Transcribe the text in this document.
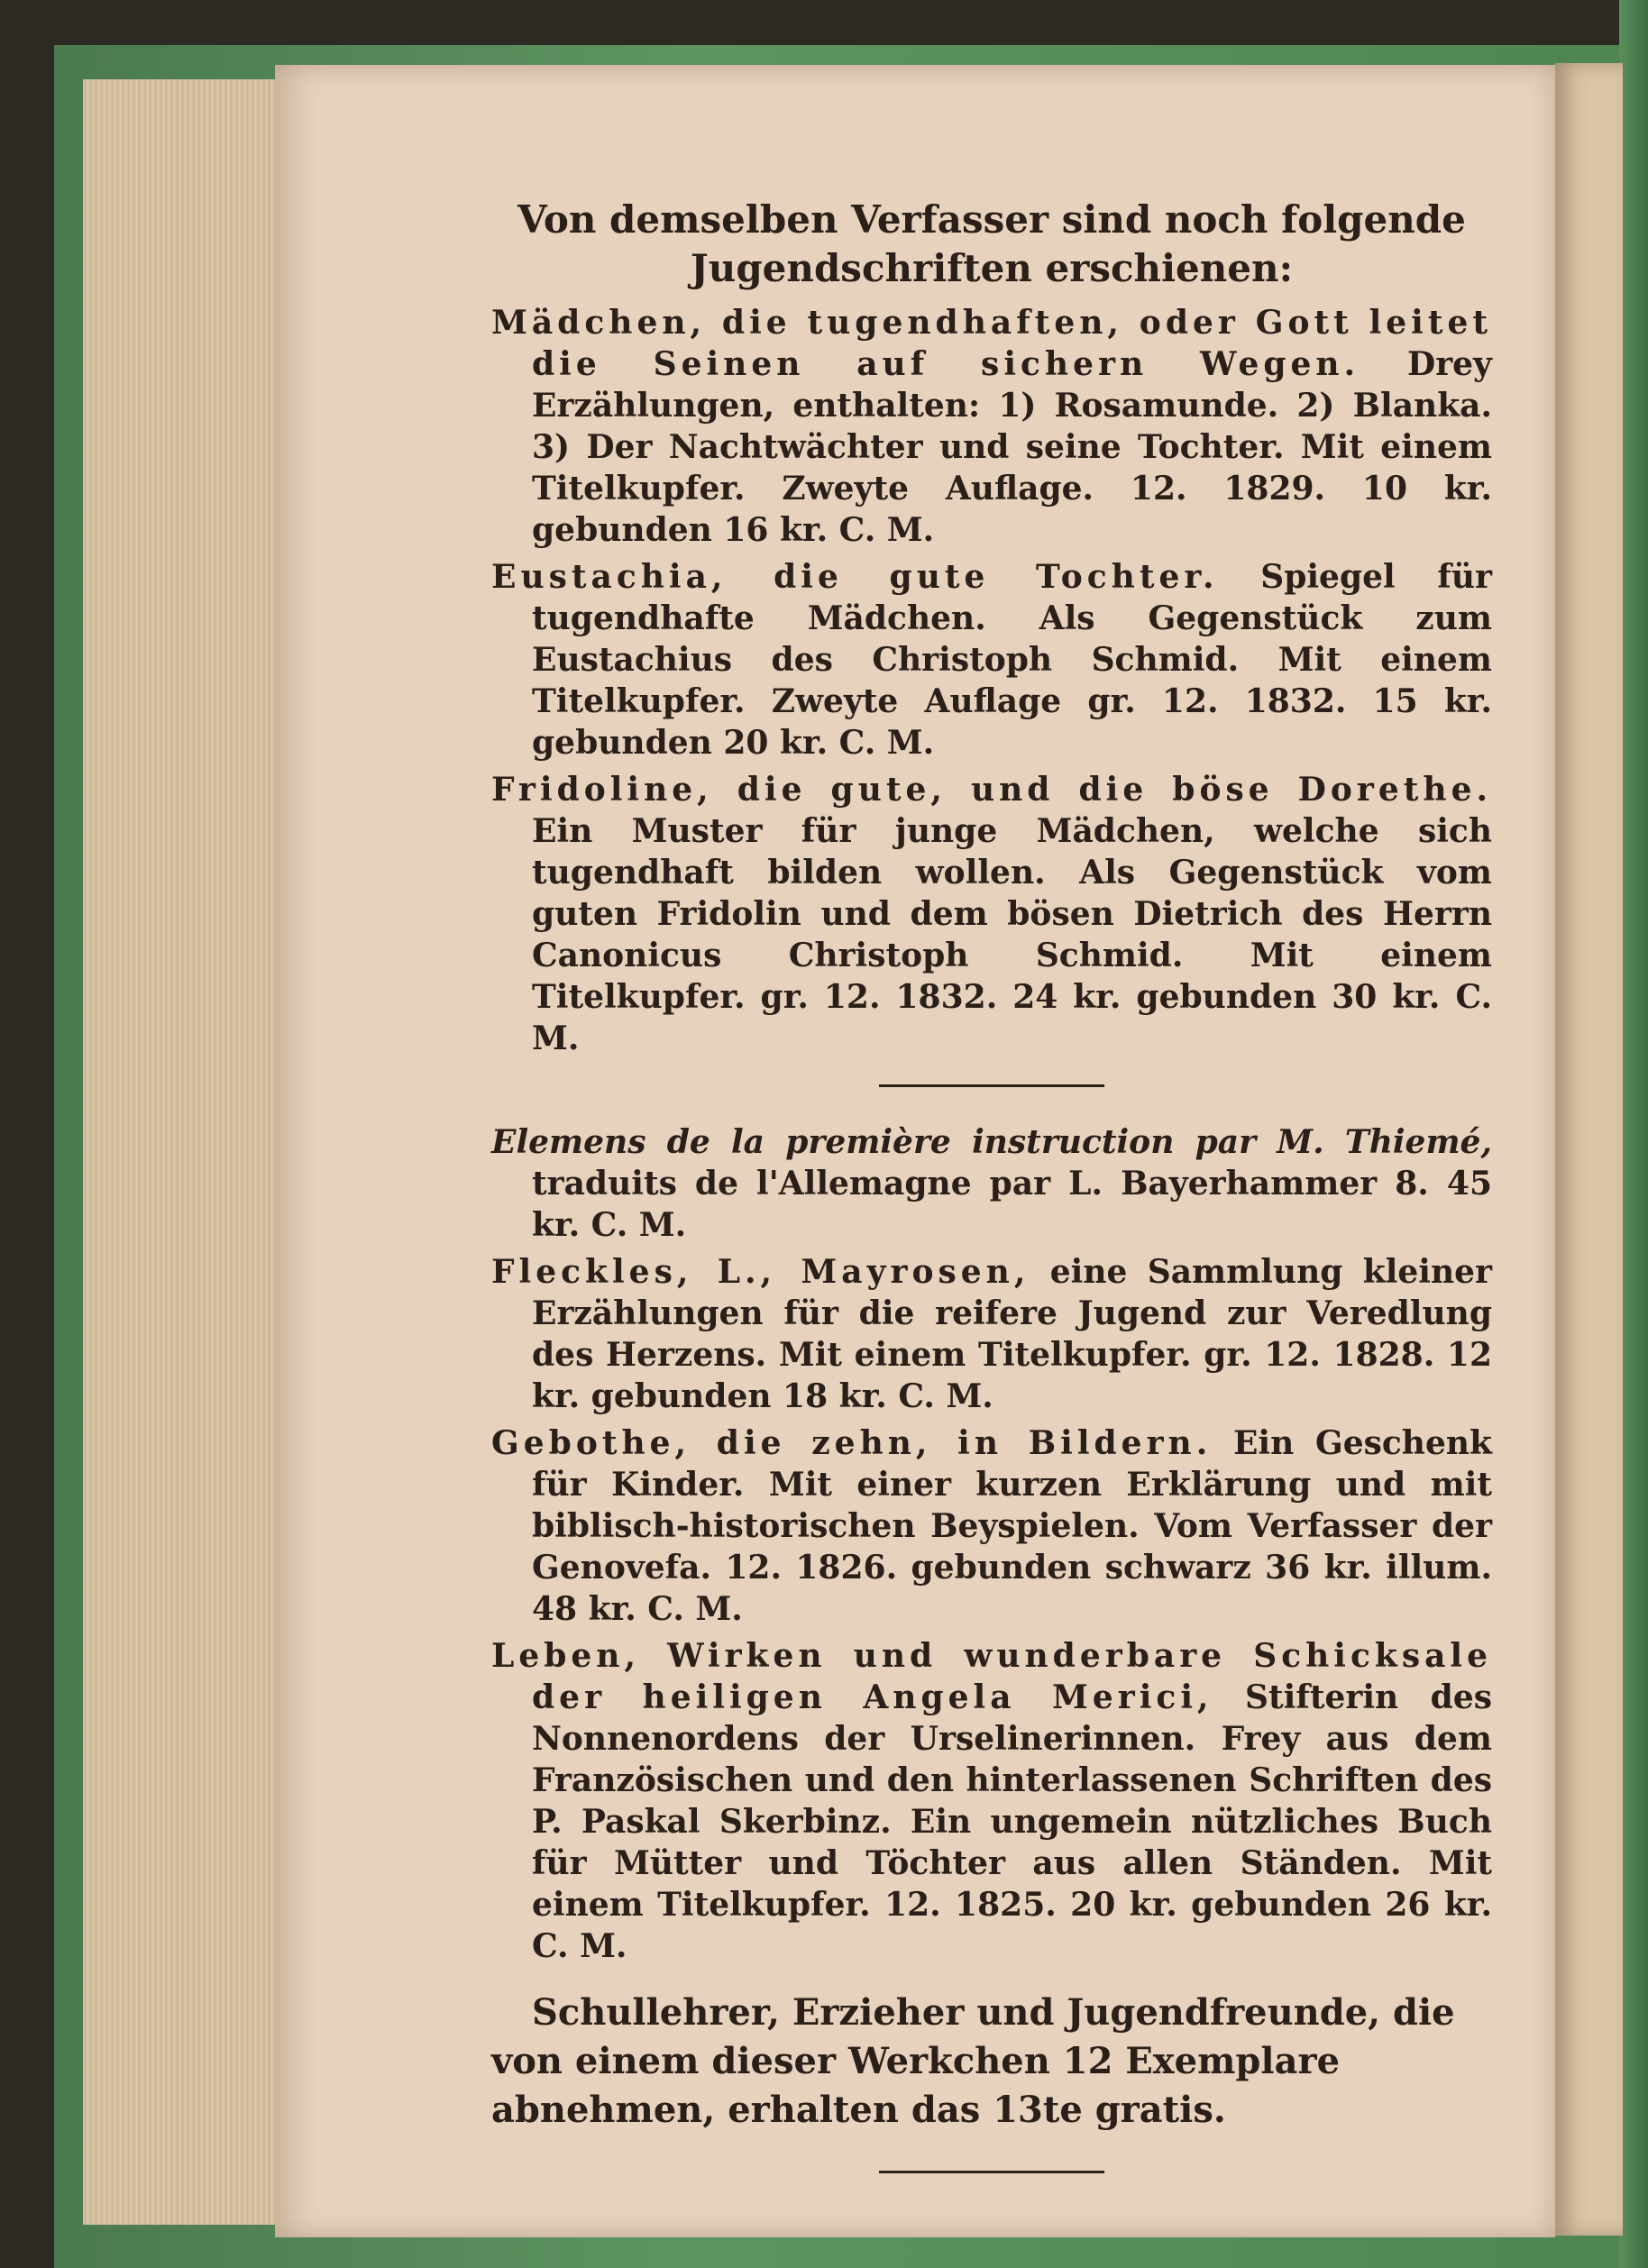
Von demselben Verfasser sind noch folgende Jugendschriften erschienen:
Mädchen, die tugendhaften, oder Gott leitet die Seinen auf sichern Wegen. Drey Erzählungen, enthalten: 1) Rosamunde. 2) Blanka. 3) Der Nachtwächter und seine Tochter. Mit einem Titelkupfer. Zweyte Auflage. 12. 1829. 10 kr. gebunden 16 kr. C. M.
Eustachia, die gute Tochter. Spiegel für tugendhafte Mädchen. Als Gegenstück zum Eustachius des Christoph Schmid. Mit einem Titelkupfer. Zweyte Auflage gr. 12. 1832. 15 kr. gebunden 20 kr. C. M.
Fridoline, die gute, und die böse Dorethe. Ein Muster für junge Mädchen, welche sich tugendhaft bilden wollen. Als Gegenstück vom guten Fridolin und dem bösen Dietrich des Herrn Canonicus Christoph Schmid. Mit einem Titelkupfer. gr. 12. 1832. 24 kr. gebunden 30 kr. C. M.
Elemens de la première instruction par M. Thiemé, traduits de l'Allemagne par L. Bayerhammer 8. 45 kr. C. M.
Fleckles, L., Mayrosen, eine Sammlung kleiner Erzählungen für die reifere Jugend zur Veredlung des Herzens. Mit einem Titelkupfer. gr. 12. 1828. 12 kr. gebunden 18 kr. C. M.
Gebothe, die zehn, in Bildern. Ein Geschenk für Kinder. Mit einer kurzen Erklärung und mit biblisch-historischen Beyspielen. Vom Verfasser der Genovefa. 12. 1826. gebunden schwarz 36 kr. illum. 48 kr. C. M.
Leben, Wirken und wunderbare Schicksale der heiligen Angela Merici, Stifterin des Nonnenordens der Urselinerinnen. Frey aus dem Französischen und den hinterlassenen Schriften des P. Paskal Skerbinz. Ein ungemein nützliches Buch für Mütter und Töchter aus allen Ständen. Mit einem Titelkupfer. 12. 1825. 20 kr. gebunden 26 kr. C. M.
Schullehrer, Erzieher und Jugendfreunde, die von einem dieser Werkchen 12 Exemplare abnehmen, erhalten das 13te gratis.
